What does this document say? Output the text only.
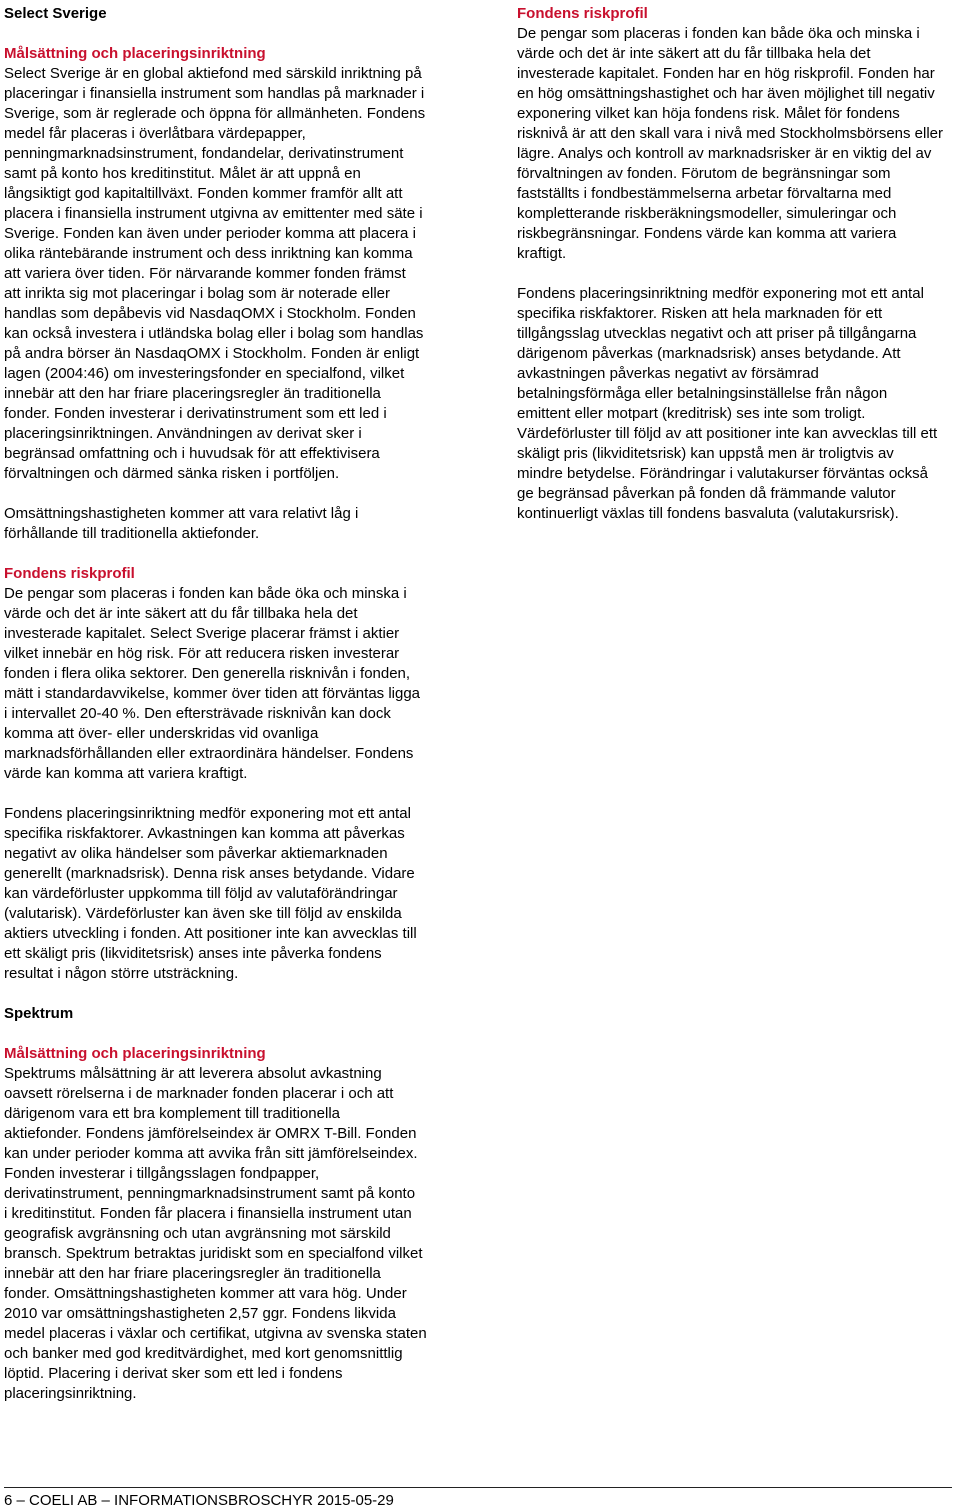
Select Sverige
Målsättning och placeringsinriktning

Select Sverige är en global aktiefond med särskild inriktning på
placeringar i finansiella instrument som handlas på marknader i
Sverige, som är reglerade och öppna för allmänheten. Fondens
medel får placeras i överlåtbara värdepapper,
penningmarknadsinstrument, fondandelar, derivatinstrument
samt på konto hos kreditinstitut. Målet är att uppnå en
långsiktigt god kapitaltillväxt. Fonden kommer framför allt att
placera i finansiella instrument utgivna av emittenter med säte i
Sverige. Fonden kan även under perioder komma att placera i
olika räntebärande instrument och dess inriktning kan komma
att variera över tiden. För närvarande kommer fonden främst
att inrikta sig mot placeringar i bolag som är noterade eller
handlas som depåbevis vid NasdaqOMX i Stockholm. Fonden
kan också investera i utländska bolag eller i bolag som handlas
på andra börser än NasdaqOMX i Stockholm. Fonden är enligt
lagen (2004:46) om investeringsfonder en specialfond, vilket
innebär att den har friare placeringsregler än traditionella
fonder. Fonden investerar i derivatinstrument som ett led i
placeringsinriktningen. Användningen av derivat sker i
begränsad omfattning och i huvudsak för att effektivisera
förvaltningen och därmed sänka risken i portföljen.

Omsättningshastigheten kommer att vara relativt låg i
förhållande till traditionella aktiefonder.

Fondens riskprofil

De pengar som placeras i fonden kan både öka och minska i
värde och det är inte säkert att du får tillbaka hela det
investerade kapitalet. Select Sverige placerar främst i aktier
vilket innebär en hög risk. För att reducera risken investerar
fonden i flera olika sektorer. Den generella risknivån i fonden,
mätt i standardavvikelse, kommer över tiden att förväntas ligga
i intervallet 20-40 %. Den eftersträvade risknivån kan dock
komma att över- eller underskridas vid ovanliga
marknadsförhållanden eller extraordinära händelser. Fondens
värde kan komma att variera kraftigt.

Fondens placeringsinriktning medför exponering mot ett antal
specifika riskfaktorer. Avkastningen kan komma att påverkas
negativt av olika händelser som påverkar aktiemarknaden
generellt (marknadsrisk). Denna risk anses betydande. Vidare
kan värdeförluster uppkomma till följd av valutaförändringar
(valutarisk). Värdeförluster kan även ske till följd av enskilda
aktiers utveckling i fonden. Att positioner inte kan avvecklas till
ett skäligt pris (likviditetsrisk) anses inte påverka fondens
resultat i någon större utsträckning.

Spektrum
Målsättning och placeringsinriktning

Spektrums målsättning är att leverera absolut avkastning
oavsett rörelserna i de marknader fonden placerar i och att
därigenom vara ett bra komplement till traditionella
aktiefonder. Fondens jämförelseindex är OMRX T-Bill. Fonden
kan under perioder komma att avvika från sitt jämförelseindex.
Fonden investerar i tillgångsslagen fondpapper,
derivatinstrument, penningmarknadsinstrument samt på konto
i kreditinstitut. Fonden får placera i finansiella instrument utan
geografisk avgränsning och utan avgränsning mot särskild
bransch. Spektrum betraktas juridiskt som en specialfond vilket
innebär att den har friare placeringsregler än traditionella
fonder. Omsättningshastigheten kommer att vara hög. Under
2010 var omsättningshastigheten 2,57 ggr. Fondens likvida
medel placeras i växlar och certifikat, utgivna av svenska staten
och banker med god kreditvärdighet, med kort genomsnittlig
löptid. Placering i derivat sker som ett led i fondens
placeringsinriktning.

Fondens riskprofil

De pengar som placeras i fonden kan både öka och minska i
värde och det är inte säkert att du får tillbaka hela det
investerade kapitalet. Fonden har en hög riskprofil. Fonden har
en hög omsättningshastighet och har även möjlighet till negativ
exponering vilket kan höja fondens risk. Målet för fondens
risknivå är att den skall vara i nivå med Stockholmsbörsens eller
lägre. Analys och kontroll av marknadsrisker är en viktig del av
förvaltningen av fonden. Förutom de begränsningar som
fastställts i fondbestämmelserna arbetar förvaltarna med
kompletterande riskberäkningsmodeller, simuleringar och
riskbegränsningar. Fondens värde kan komma att variera
kraftigt.

Fondens placeringsinriktning medför exponering mot ett antal
specifika riskfaktorer. Risken att hela marknaden för ett
tillgångsslag utvecklas negativt och att priser på tillgångarna
därigenom påverkas (marknadsrisk) anses betydande. Att
avkastningen påverkas negativt av försämrad
betalningsförmåga eller betalningsinställelse från någon
emittent eller motpart (kreditrisk) ses inte som troligt.
Värdeförluster till följd av att positioner inte kan avvecklas till ett
skäligt pris (likviditetsrisk) kan uppstå men är troligtvis av
mindre betydelse. Förändringar i valutakurser förväntas också
ge begränsad påverkan på fonden då främmande valutor
kontinuerligt växlas till fondens basvaluta (valutakursrisk).

6 – COELI AB – INFORMATIONSBROSCHYR 2015-05-29
